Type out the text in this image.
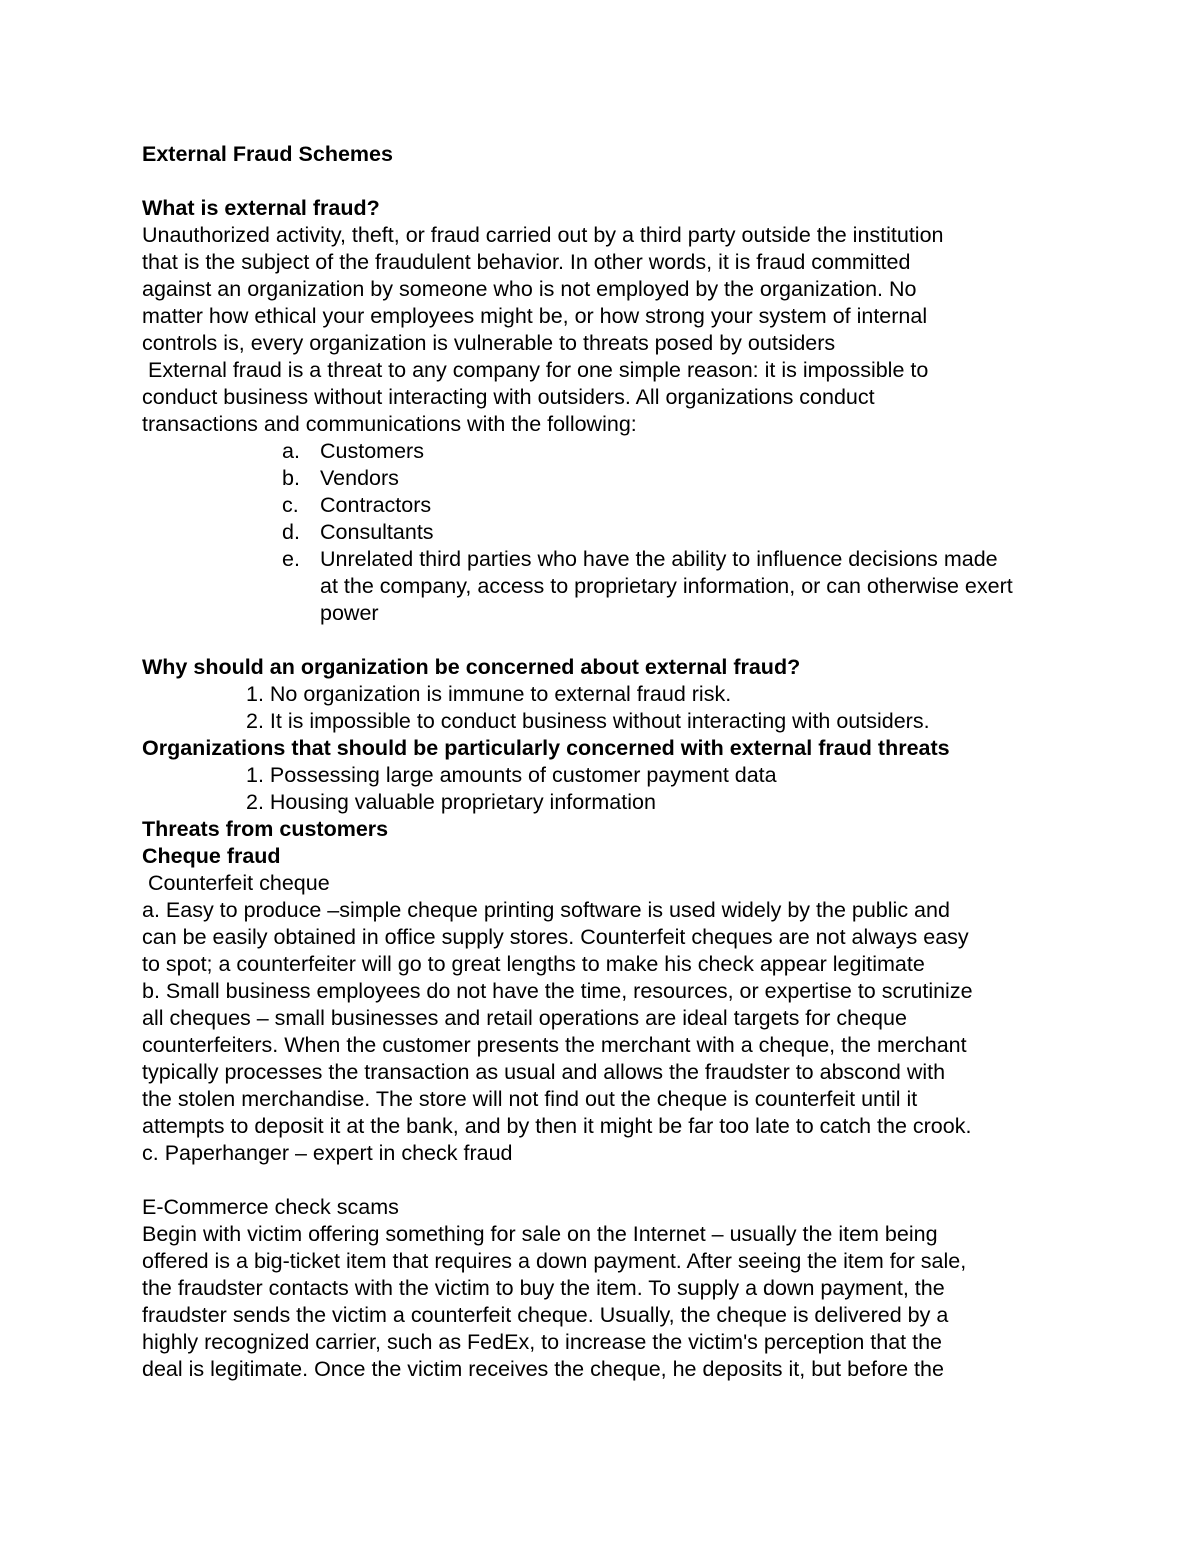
External Fraud Schemes
What is external fraud?
Unauthorized activity, theft, or fraud carried out by a third party outside the institution
that is the subject of the fraudulent behavior. In other words, it is fraud committed
against an organization by someone who is not employed by the organization. No
matter how ethical your employees might be, or how strong your system of internal
controls is, every organization is vulnerable to threats posed by outsiders
External fraud is a threat to any company for one simple reason: it is impossible to
conduct business without interacting with outsiders. All organizations conduct
transactions and communications with the following:
a. Customers
b. Vendors
c. Contractors
d. Consultants
e. Unrelated third parties who have the ability to influence decisions made at the company, access to proprietary information, or can otherwise exert power
Why should an organization be concerned about external fraud?
1. No organization is immune to external fraud risk.
2. It is impossible to conduct business without interacting with outsiders.
Organizations that should be particularly concerned with external fraud threats
1. Possessing large amounts of customer payment data
2. Housing valuable proprietary information
Threats from customers
Cheque fraud
Counterfeit cheque
a. Easy to produce –simple cheque printing software is used widely by the public and
can be easily obtained in office supply stores. Counterfeit cheques are not always easy
to spot; a counterfeiter will go to great lengths to make his check appear legitimate
b. Small business employees do not have the time, resources, or expertise to scrutinize
all cheques – small businesses and retail operations are ideal targets for cheque
counterfeiters. When the customer presents the merchant with a cheque, the merchant
typically processes the transaction as usual and allows the fraudster to abscond with
the stolen merchandise. The store will not find out the cheque is counterfeit until it
attempts to deposit it at the bank, and by then it might be far too late to catch the crook.
c. Paperhanger – expert in check fraud
E-Commerce check scams
Begin with victim offering something for sale on the Internet – usually the item being
offered is a big-ticket item that requires a down payment. After seeing the item for sale,
the fraudster contacts with the victim to buy the item. To supply a down payment, the
fraudster sends the victim a counterfeit cheque. Usually, the cheque is delivered by a
highly recognized carrier, such as FedEx, to increase the victim's perception that the
deal is legitimate. Once the victim receives the cheque, he deposits it, but before the
